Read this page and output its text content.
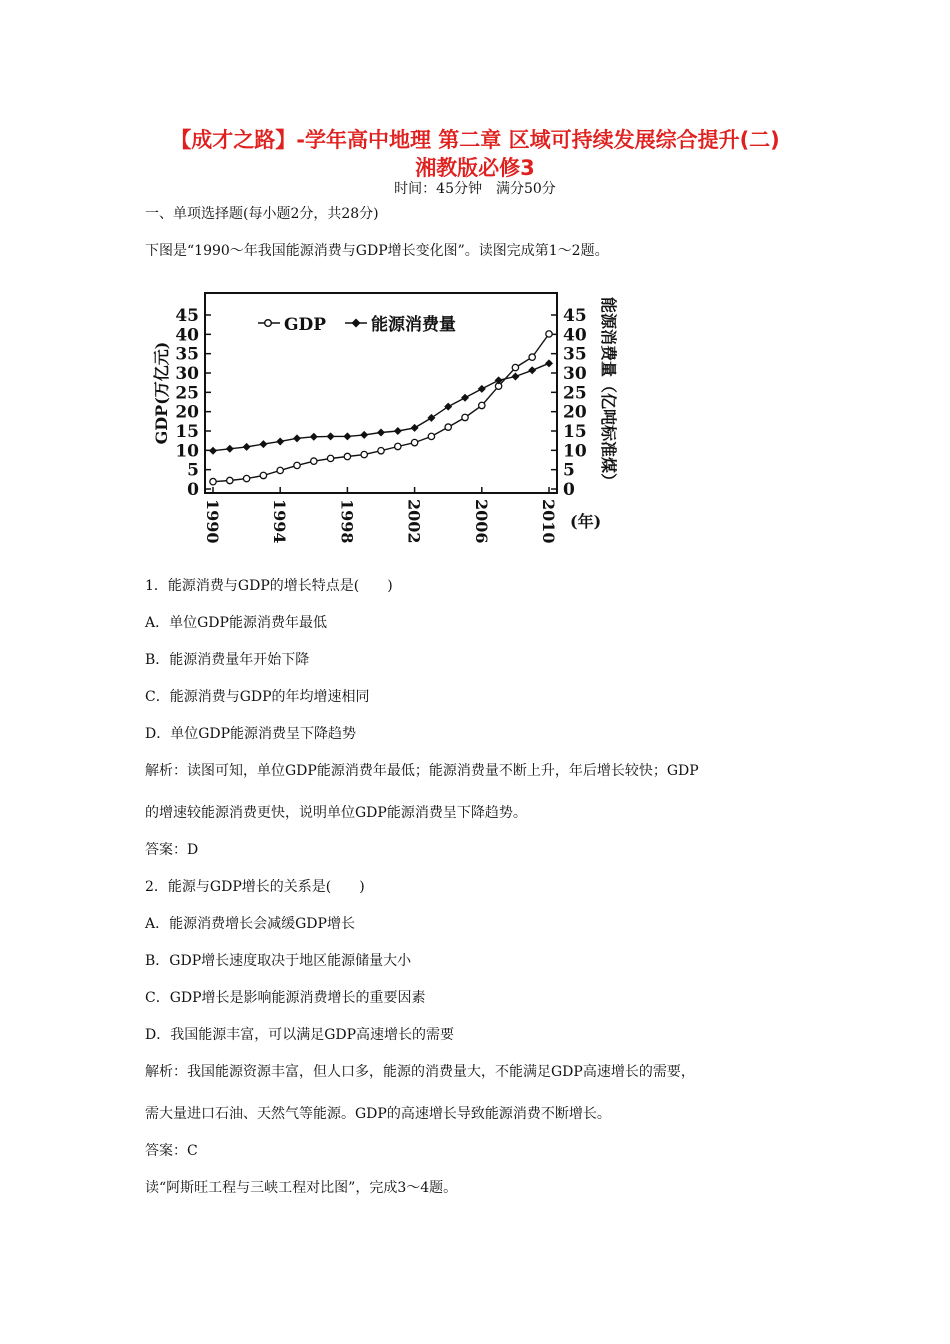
【成才之路】-学年高中地理 第二章 区域可持续发展综合提升(二)
湘教版必修3
时间：45分钟　满分50分
一、单项选择题(每小题2分，共28分)
下图是“1990～年我国能源消费与GDP增长变化图”。读图完成第1～2题。
0
5
10
15
20
25
30
35
40
45
0
5
10
15
20
25
30
35
40
45
1990	1994	1998	2002	2006	2010
GDP	能源消费量
GDP(万亿元)	能源消费量（亿吨标准煤）
(年)
1．能源消费与GDP的增长特点是(　　)
A．单位GDP能源消费年最低
B．能源消费量年开始下降
C．能源消费与GDP的年均增速相同
D．单位GDP能源消费呈下降趋势
解析：读图可知，单位GDP能源消费年最低；能源消费量不断上升，年后增长较快；GDP
的增速较能源消费更快，说明单位GDP能源消费呈下降趋势。
答案：D
2．能源与GDP增长的关系是(　　)
A．能源消费增长会减缓GDP增长
B．GDP增长速度取决于地区能源储量大小
C．GDP增长是影响能源消费增长的重要因素
D．我国能源丰富，可以满足GDP高速增长的需要
解析：我国能源资源丰富，但人口多，能源的消费量大，不能满足GDP高速增长的需要，
需大量进口石油、天然气等能源。GDP的高速增长导致能源消费不断增长。
答案：C
读“阿斯旺工程与三峡工程对比图”，完成3～4题。
